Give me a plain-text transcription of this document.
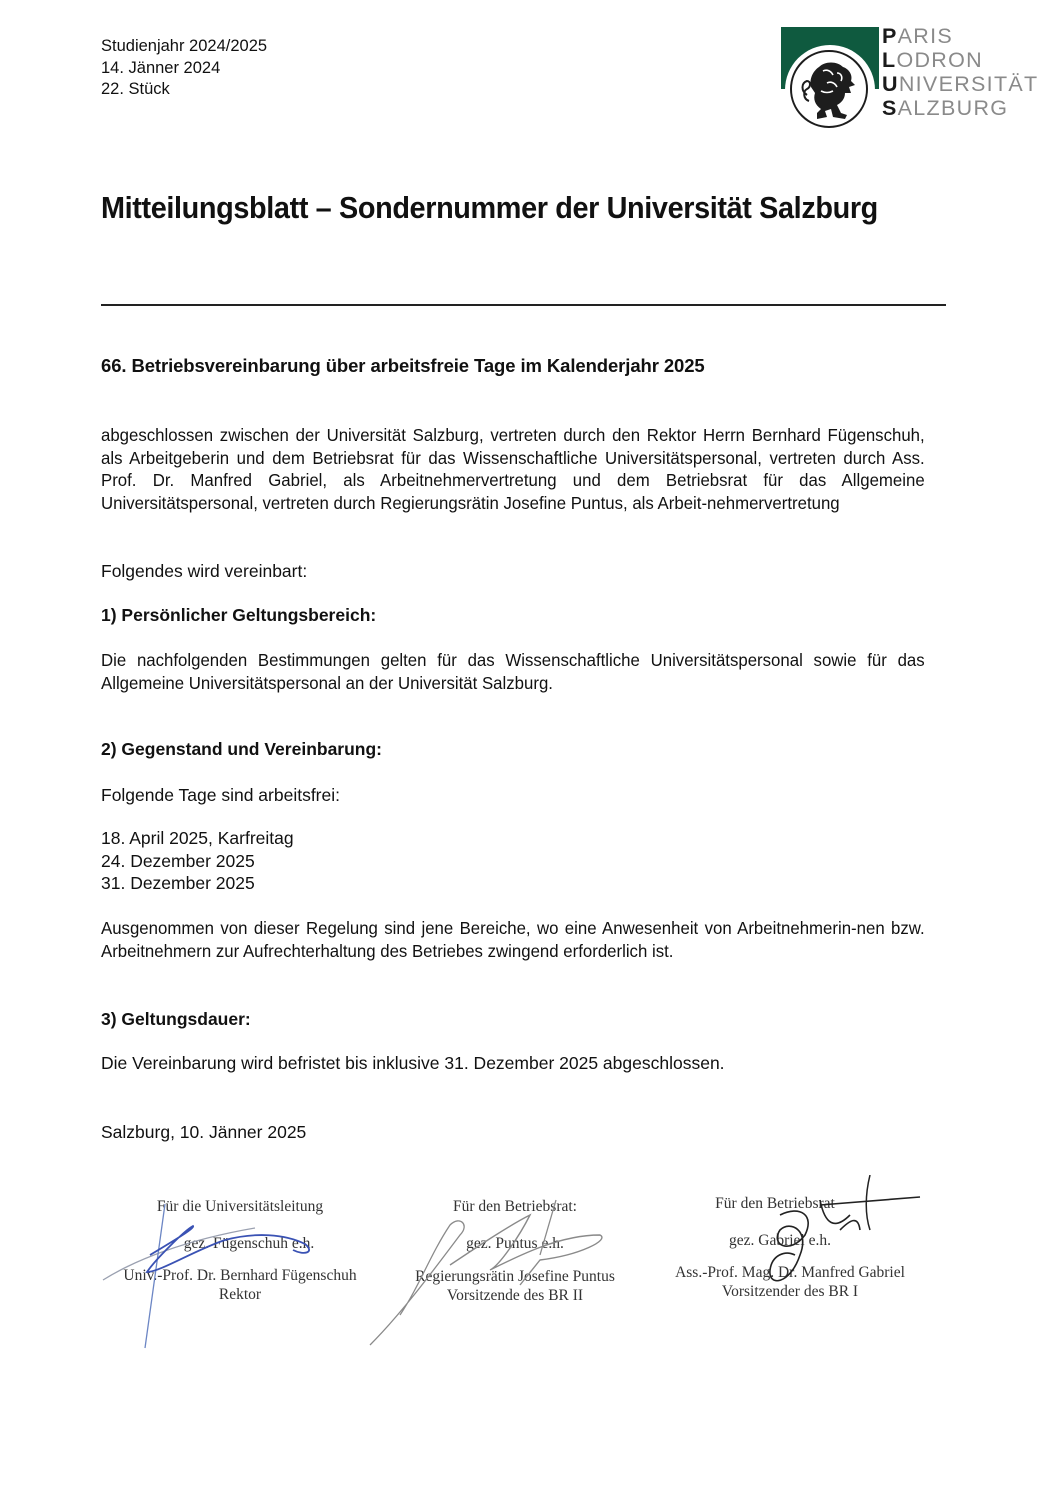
Studienjahr 2024/2025
14. Jänner 2024
22. Stück
PARIS
LODRON
UNIVERSITÄT
SALZBURG
Mitteilungsblatt – Sondernummer der Universität Salzburg
66. Betriebsvereinbarung über arbeitsfreie Tage im Kalenderjahr 2025
abgeschlossen zwischen der Universität Salzburg, vertreten durch den Rektor Herrn Bernhard Fügenschuh, als Arbeitgeberin und dem Betriebsrat für das Wissenschaftliche Universitätspersonal, vertreten durch Ass. Prof. Dr. Manfred Gabriel, als Arbeitnehmervertretung und dem Betriebsrat für das Allgemeine Universitätspersonal, vertreten durch Regierungsrätin Josefine Puntus, als Arbeit-nehmervertretung
Folgendes wird vereinbart:
1) Persönlicher Geltungsbereich:
Die nachfolgenden Bestimmungen gelten für das Wissenschaftliche Universitätspersonal sowie für das Allgemeine Universitätspersonal an der Universität Salzburg.
2) Gegenstand und Vereinbarung:
Folgende Tage sind arbeitsfrei:
18. April 2025, Karfreitag
24. Dezember 2025
31. Dezember 2025
Ausgenommen von dieser Regelung sind jene Bereiche, wo eine Anwesenheit von Arbeitnehmerin-nen bzw. Arbeitnehmern zur Aufrechterhaltung des Betriebes zwingend erforderlich ist.
3) Geltungsdauer:
Die Vereinbarung wird befristet bis inklusive 31. Dezember 2025 abgeschlossen.
Salzburg, 10. Jänner 2025
Für die Universitätsleitung
gez. Fügenschuh e.h.
Univ.-Prof. Dr. Bernhard Fügenschuh
Rektor
Für den Betriebsrat:
gez. Puntus e.h.
Regierungsrätin Josefine Puntus
Vorsitzende des BR II
Für den Betriebsrat
gez. Gabriel e.h.
Ass.-Prof. Mag. Dr. Manfred Gabriel
Vorsitzender des BR I
